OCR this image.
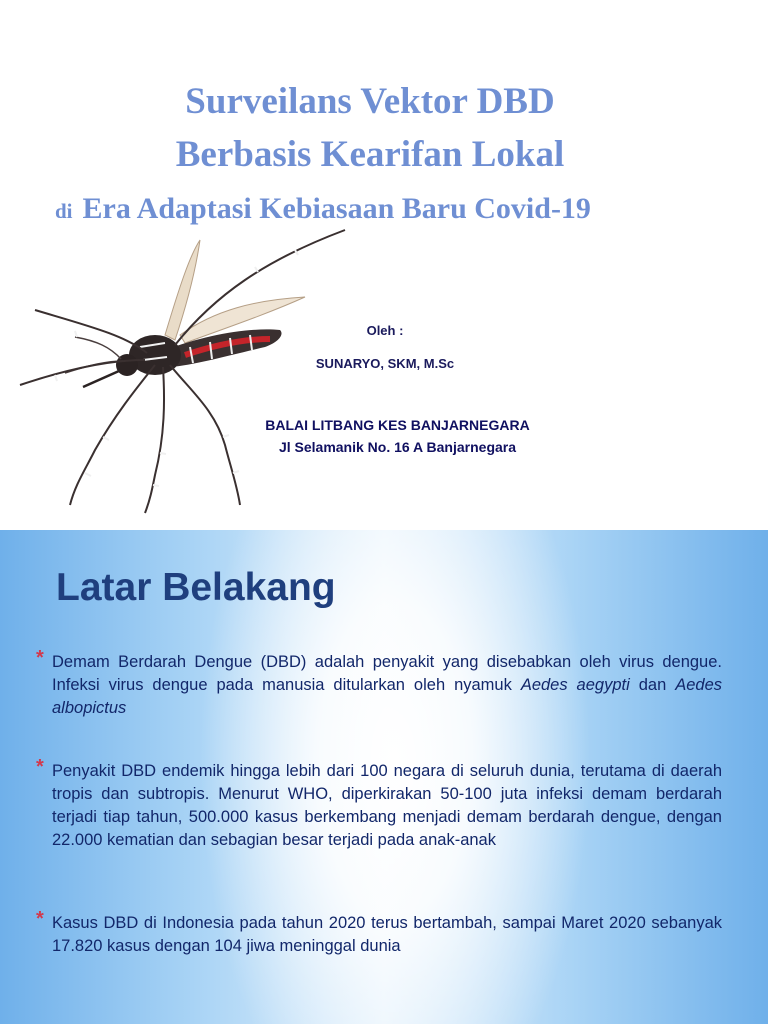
Surveilans Vektor DBD
Berbasis Kearifan Lokal
di Era Adaptasi Kebiasaan Baru Covid-19
Oleh :
SUNARYO, SKM, M.Sc
BALAI LITBANG KES BANJARNEGARA
Jl Selamanik No. 16 A Banjarnegara
Latar Belakang
* Demam Berdarah Dengue (DBD) adalah penyakit yang disebabkan oleh virus dengue. Infeksi virus dengue pada manusia ditularkan oleh nyamuk Aedes aegypti dan Aedes albopictus

* Penyakit DBD endemik hingga lebih dari 100 negara di seluruh dunia, terutama di daerah tropis dan subtropis. Menurut WHO, diperkirakan 50-100 juta infeksi demam berdarah terjadi tiap tahun, 500.000 kasus berkembang menjadi demam berdarah dengue, dengan 22.000 kematian dan sebagian besar terjadi pada anak-anak

* Kasus DBD di Indonesia pada tahun 2020 terus bertambah, sampai Maret 2020 sebanyak 17.820 kasus dengan 104 jiwa meninggal dunia
